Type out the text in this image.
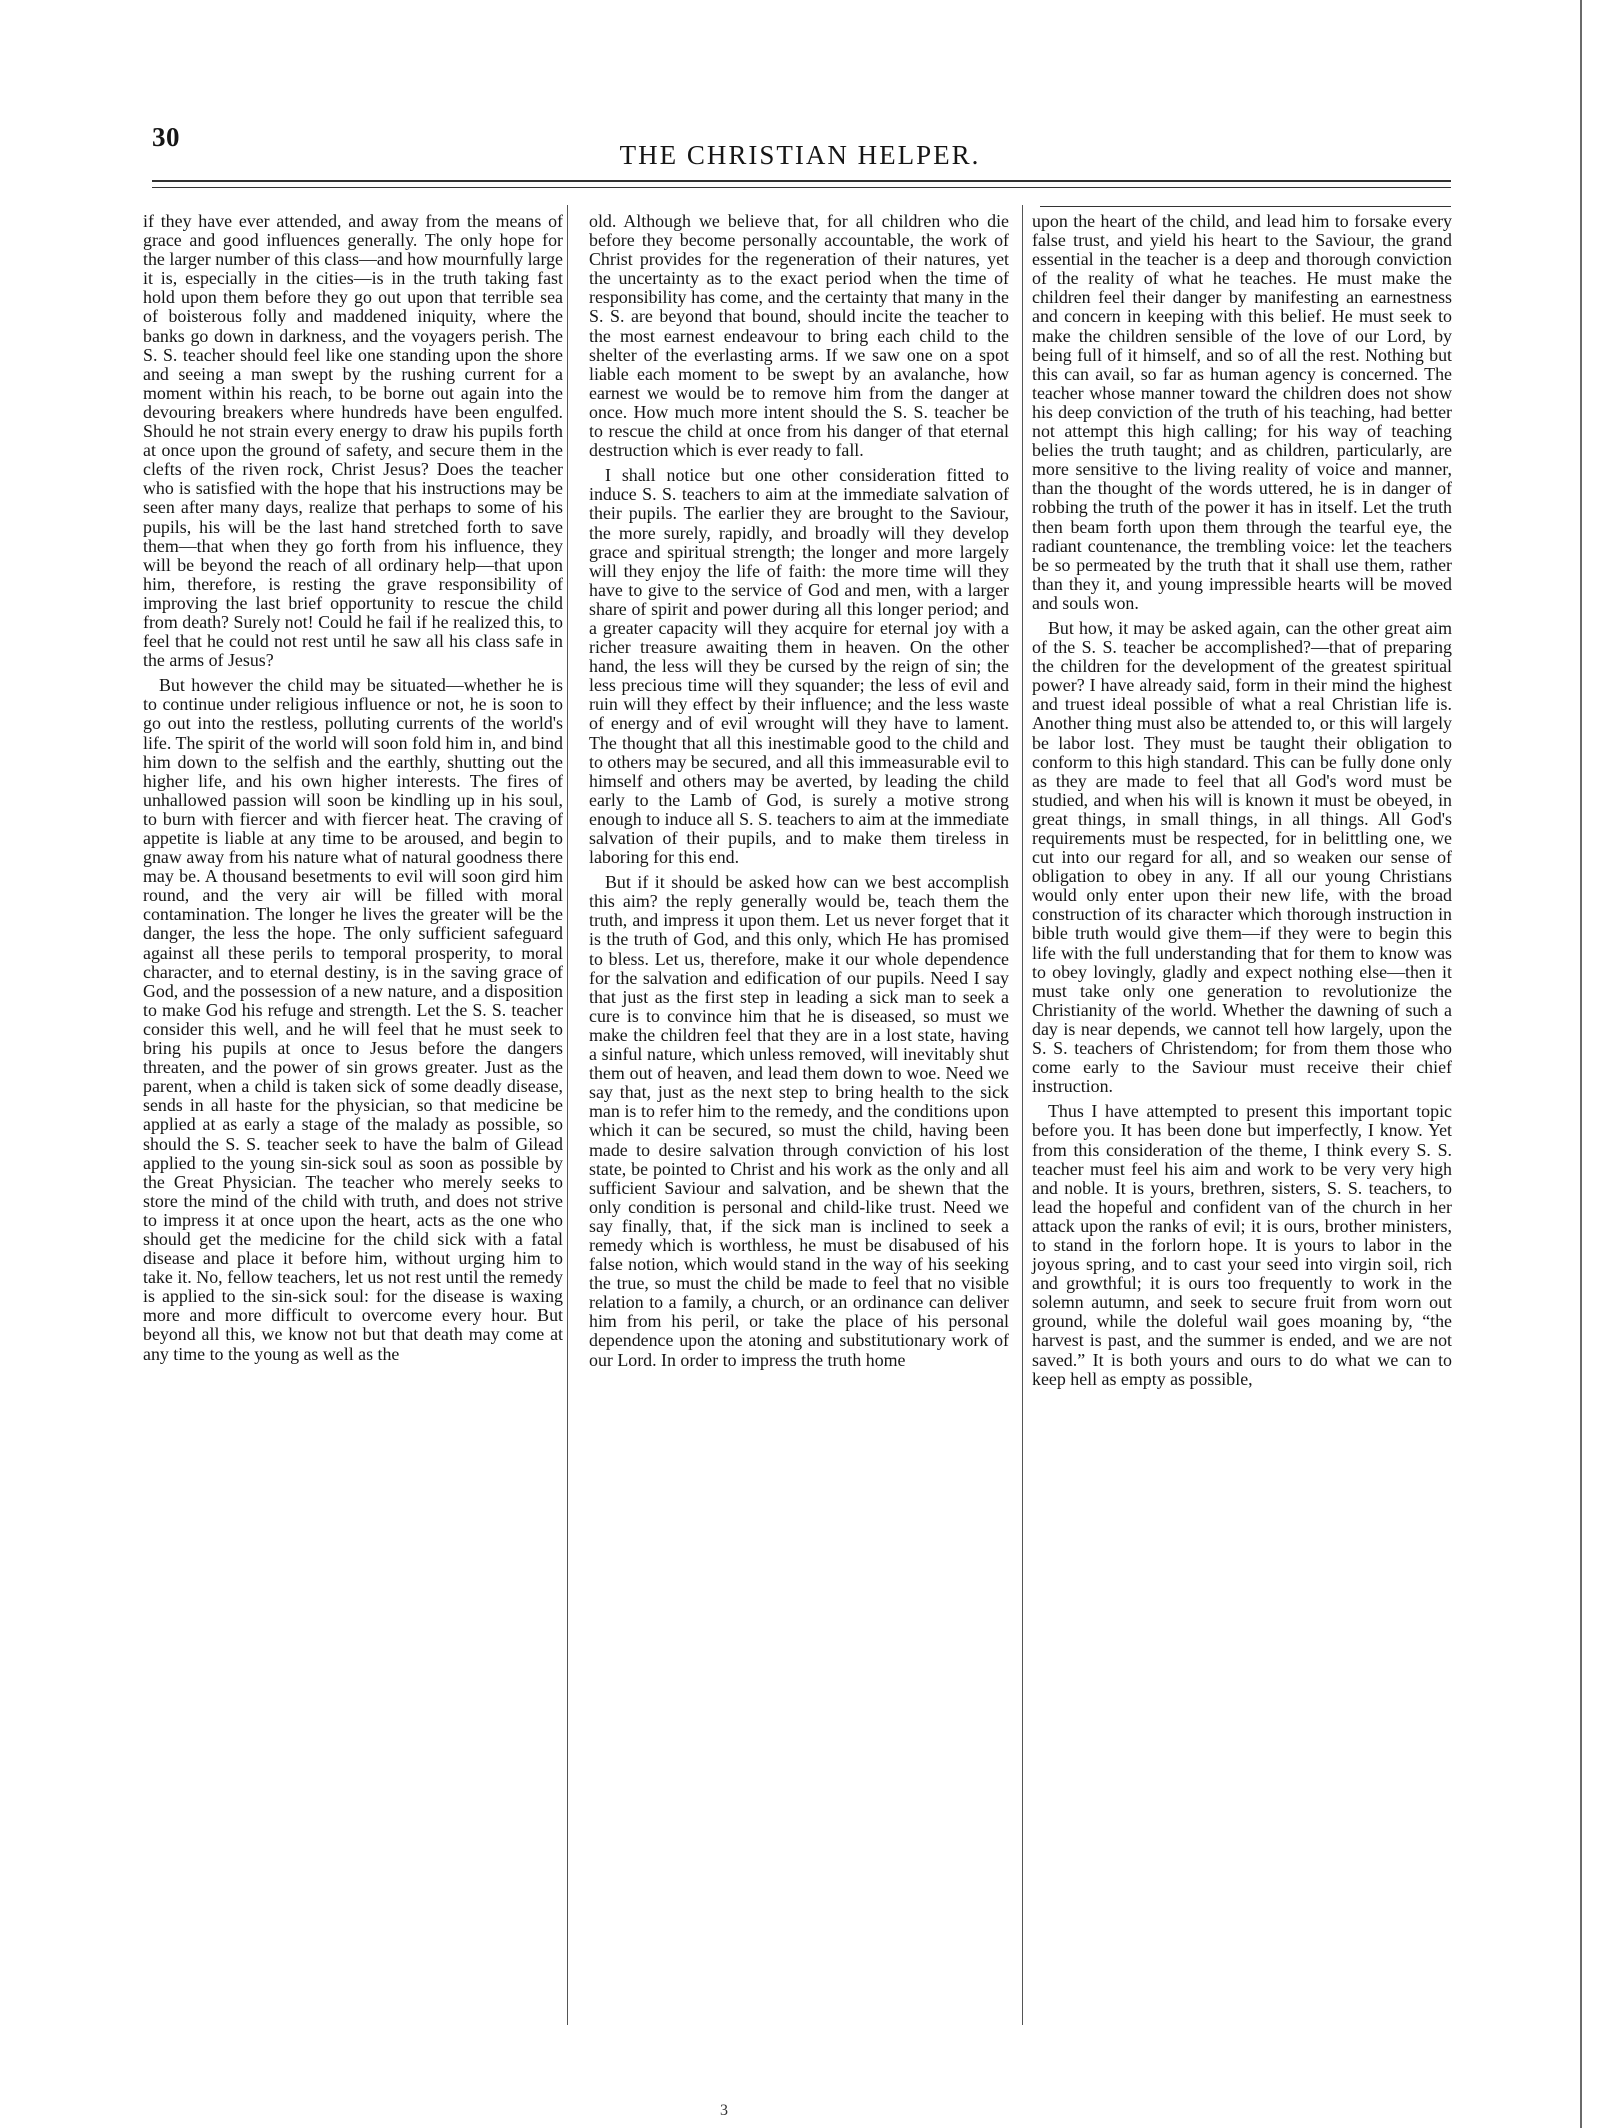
30
THE CHRISTIAN HELPER.

if they have ever attended, and away from the means of grace and good influences generally. The only hope for the larger number of this class—and how mournfully large it is, especially in the cities—is in the truth taking fast hold upon them before they go out upon that terrible sea of boisterous folly and maddened iniquity, where the banks go down in darkness, and the voyagers perish. The S. S. teacher should feel like one standing upon the shore and seeing a man swept by the rushing current for a moment within his reach, to be borne out again into the devouring breakers where hundreds have been engulfed. Should he not strain every energy to draw his pupils forth at once upon the ground of safety, and secure them in the clefts of the riven rock, Christ Jesus? Does the teacher who is satisfied with the hope that his instructions may be seen after many days, realize that perhaps to some of his pupils, his will be the last hand stretched forth to save them—that when they go forth from his influence, they will be beyond the reach of all ordinary help—that upon him, therefore, is resting the grave responsibility of improving the last brief opportunity to rescue the child from death? Surely not! Could he fail if he realized this, to feel that he could not rest until he saw all his class safe in the arms of Jesus?

But however the child may be situated—whether he is to continue under religious influence or not, he is soon to go out into the restless, polluting currents of the world's life. The spirit of the world will soon fold him in, and bind him down to the selfish and the earthly, shutting out the higher life, and his own higher interests. The fires of unhallowed passion will soon be kindling up in his soul, to burn with fiercer and with fiercer heat. The craving of appetite is liable at any time to be aroused, and begin to gnaw away from his nature what of natural goodness there may be. A thousand besetments to evil will soon gird him round, and the very air will be filled with moral contamination. The longer he lives the greater will be the danger, the less the hope. The only sufficient safeguard against all these perils to temporal prosperity, to moral character, and to eternal destiny, is in the saving grace of God, and the possession of a new nature, and a disposition to make God his refuge and strength. Let the S. S. teacher consider this well, and he will feel that he must seek to bring his pupils at once to Jesus before the dangers threaten, and the power of sin grows greater. Just as the parent, when a child is taken sick of some deadly disease, sends in all haste for the physician, so that medicine be applied at as early a stage of the malady as possible, so should the S. S. teacher seek to have the balm of Gilead applied to the young sin-sick soul as soon as possible by the Great Physician. The teacher who merely seeks to store the mind of the child with truth, and does not strive to impress it at once upon the heart, acts as the one who should get the medicine for the child sick with a fatal disease and place it before him, without urging him to take it. No, fellow teachers, let us not rest until the remedy is applied to the sin-sick soul: for the disease is waxing more and more difficult to overcome every hour. But beyond all this, we know not but that death may come at any time to the young as well as the

old. Although we believe that, for all children who die before they become personally accountable, the work of Christ provides for the regeneration of their natures, yet the uncertainty as to the exact period when the time of responsibility has come, and the certainty that many in the S. S. are beyond that bound, should incite the teacher to the most earnest endeavour to bring each child to the shelter of the everlasting arms. If we saw one on a spot liable each moment to be swept by an avalanche, how earnest we would be to remove him from the danger at once. How much more intent should the S. S. teacher be to rescue the child at once from his danger of that eternal destruction which is ever ready to fall.

I shall notice but one other consideration fitted to induce S. S. teachers to aim at the immediate salvation of their pupils. The earlier they are brought to the Saviour, the more surely, rapidly, and broadly will they develop grace and spiritual strength; the longer and more largely will they enjoy the life of faith: the more time will they have to give to the service of God and men, with a larger share of spirit and power during all this longer period; and a greater capacity will they acquire for eternal joy with a richer treasure awaiting them in heaven. On the other hand, the less will they be cursed by the reign of sin; the less precious time will they squander; the less of evil and ruin will they effect by their influence; and the less waste of energy and of evil wrought will they have to lament. The thought that all this inestimable good to the child and to others may be secured, and all this immeasurable evil to himself and others may be averted, by leading the child early to the Lamb of God, is surely a motive strong enough to induce all S. S. teachers to aim at the immediate salvation of their pupils, and to make them tireless in laboring for this end.

But if it should be asked how can we best accomplish this aim? the reply generally would be, teach them the truth, and impress it upon them. Let us never forget that it is the truth of God, and this only, which He has promised to bless. Let us, therefore, make it our whole dependence for the salvation and edification of our pupils. Need I say that just as the first step in leading a sick man to seek a cure is to convince him that he is diseased, so must we make the children feel that they are in a lost state, having a sinful nature, which unless removed, will inevitably shut them out of heaven, and lead them down to woe. Need we say that, just as the next step to bring health to the sick man is to refer him to the remedy, and the conditions upon which it can be secured, so must the child, having been made to desire salvation through conviction of his lost state, be pointed to Christ and his work as the only and all sufficient Saviour and salvation, and be shewn that the only condition is personal and child-like trust. Need we say finally, that, if the sick man is inclined to seek a remedy which is worthless, he must be disabused of his false notion, which would stand in the way of his seeking the true, so must the child be made to feel that no visible relation to a family, a church, or an ordinance can deliver him from his peril, or take the place of his personal dependence upon the atoning and substitutionary work of our Lord. In order to impress the truth home

upon the heart of the child, and lead him to forsake every false trust, and yield his heart to the Saviour, the grand essential in the teacher is a deep and thorough conviction of the reality of what he teaches. He must make the children feel their danger by manifesting an earnestness and concern in keeping with this belief. He must seek to make the children sensible of the love of our Lord, by being full of it himself, and so of all the rest. Nothing but this can avail, so far as human agency is concerned. The teacher whose manner toward the children does not show his deep conviction of the truth of his teaching, had better not attempt this high calling; for his way of teaching belies the truth taught; and as children, particularly, are more sensitive to the living reality of voice and manner, than the thought of the words uttered, he is in danger of robbing the truth of the power it has in itself. Let the truth then beam forth upon them through the tearful eye, the radiant countenance, the trembling voice: let the teachers be so permeated by the truth that it shall use them, rather than they it, and young impressible hearts will be moved and souls won.

But how, it may be asked again, can the other great aim of the S. S. teacher be accomplished?—that of preparing the children for the development of the greatest spiritual power? I have already said, form in their mind the highest and truest ideal possible of what a real Christian life is. Another thing must also be attended to, or this will largely be labor lost. They must be taught their obligation to conform to this high standard. This can be fully done only as they are made to feel that all God's word must be studied, and when his will is known it must be obeyed, in great things, in small things, in all things. All God's requirements must be respected, for in belittling one, we cut into our regard for all, and so weaken our sense of obligation to obey in any. If all our young Christians would only enter upon their new life, with the broad construction of its character which thorough instruction in bible truth would give them—if they were to begin this life with the full understanding that for them to know was to obey lovingly, gladly and expect nothing else—then it must take only one generation to revolutionize the Christianity of the world. Whether the dawning of such a day is near depends, we cannot tell how largely, upon the S. S. teachers of Christendom; for from them those who come early to the Saviour must receive their chief instruction.

Thus I have attempted to present this important topic before you. It has been done but imperfectly, I know. Yet from this consideration of the theme, I think every S. S. teacher must feel his aim and work to be very very high and noble. It is yours, brethren, sisters, S. S. teachers, to lead the hopeful and confident van of the church in her attack upon the ranks of evil; it is ours, brother ministers, to stand in the forlorn hope. It is yours to labor in the joyous spring, and to cast your seed into virgin soil, rich and growthful; it is ours too frequently to work in the solemn autumn, and seek to secure fruit from worn out ground, while the doleful wail goes moaning by, “the harvest is past, and the summer is ended, and we are not saved.” It is both yours and ours to do what we can to keep hell as empty as possible,

3
